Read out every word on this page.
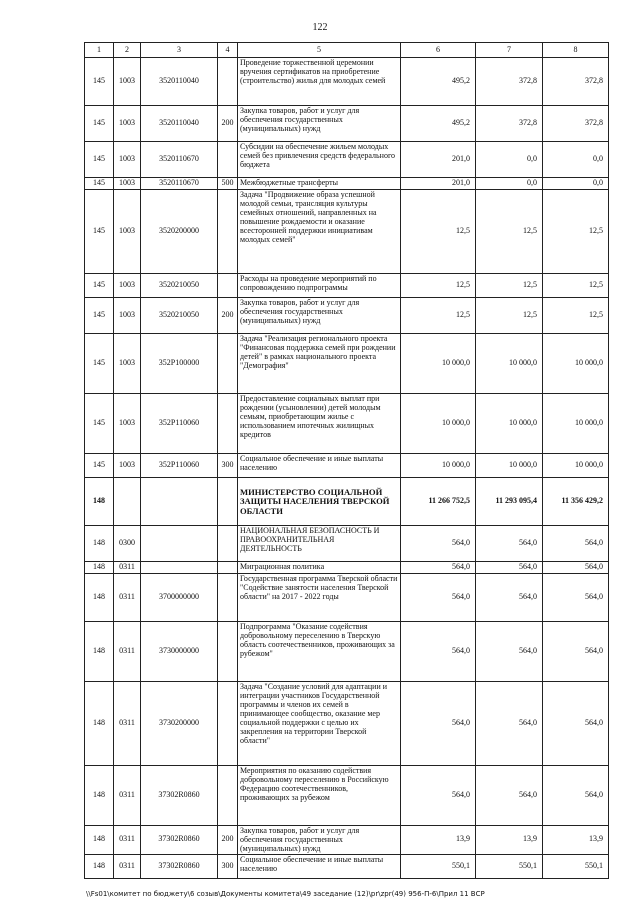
122
1	2	3	4	5	6	7	8
145	1003	3520110040		Проведение торжественной церемонии вручения сертификатов на приобретение (строительство) жилья для молодых семей	495,2	372,8	372,8
145	1003	3520110040	200	Закупка товаров, работ и услуг для обеспечения государственных (муниципальных) нужд	495,2	372,8	372,8
145	1003	3520110670		Субсидии на обеспечение жильем молодых семей без привлечения средств федерального бюджета	201,0	0,0	0,0
145	1003	3520110670	500	Межбюджетные трансферты	201,0	0,0	0,0
145	1003	3520200000		Задача "Продвижение образа успешной молодой семьи, трансляция культуры семейных отношений, направленных на повышение рождаемости и оказание всесторонней поддержки инициативам молодых семей"	12,5	12,5	12,5
145	1003	3520210050		Расходы на проведение мероприятий по сопровождению подпрограммы	12,5	12,5	12,5
145	1003	3520210050	200	Закупка товаров, работ и услуг для обеспечения государственных (муниципальных) нужд	12,5	12,5	12,5
145	1003	352P100000		Задача "Реализация регионального проекта "Финансовая поддержка семей при рождении детей" в рамках национального проекта "Демография"	10 000,0	10 000,0	10 000,0
145	1003	352P110060		Предоставление социальных выплат при рождении (усыновлении) детей молодым семьям, приобретающим жилье с использованием ипотечных жилищных кредитов	10 000,0	10 000,0	10 000,0
145	1003	352P110060	300	Социальное обеспечение и иные выплаты населению	10 000,0	10 000,0	10 000,0
148				МИНИСТЕРСТВО СОЦИАЛЬНОЙ ЗАЩИТЫ НАСЕЛЕНИЯ ТВЕРСКОЙ ОБЛАСТИ	11 266 752,5	11 293 095,4	11 356 429,2
148	0300			НАЦИОНАЛЬНАЯ БЕЗОПАСНОСТЬ И ПРАВООХРАНИТЕЛЬНАЯ ДЕЯТЕЛЬНОСТЬ	564,0	564,0	564,0
148	0311			Миграционная политика	564,0	564,0	564,0
148	0311	3700000000		Государственная программа Тверской области "Содействие занятости населения Тверской области" на 2017 - 2022 годы	564,0	564,0	564,0
148	0311	3730000000		Подпрограмма "Оказание содействия добровольному переселению в Тверскую область соотечественников, проживающих за рубежом"	564,0	564,0	564,0
148	0311	3730200000		Задача "Создание условий для адаптации и интеграции участников Государственной программы и членов их семей в принимающее сообщество, оказание мер социальной поддержки с целью их закрепления на территории Тверской области"	564,0	564,0	564,0
148	0311	37302R0860		Мероприятия по оказанию содействия добровольному переселению в Российскую Федерацию соотечественников, проживающих за рубежом	564,0	564,0	564,0
148	0311	37302R0860	200	Закупка товаров, работ и услуг для обеспечения государственных (муниципальных) нужд	13,9	13,9	13,9
148	0311	37302R0860	300	Социальное обеспечение и иные выплаты населению	550,1	550,1	550,1
\\Fs01\комитет по бюджету\6 созыв\Документы комитета\49 заседание (12)\pr\zpr(49) 956-П-6\Прил 11 ВСР
